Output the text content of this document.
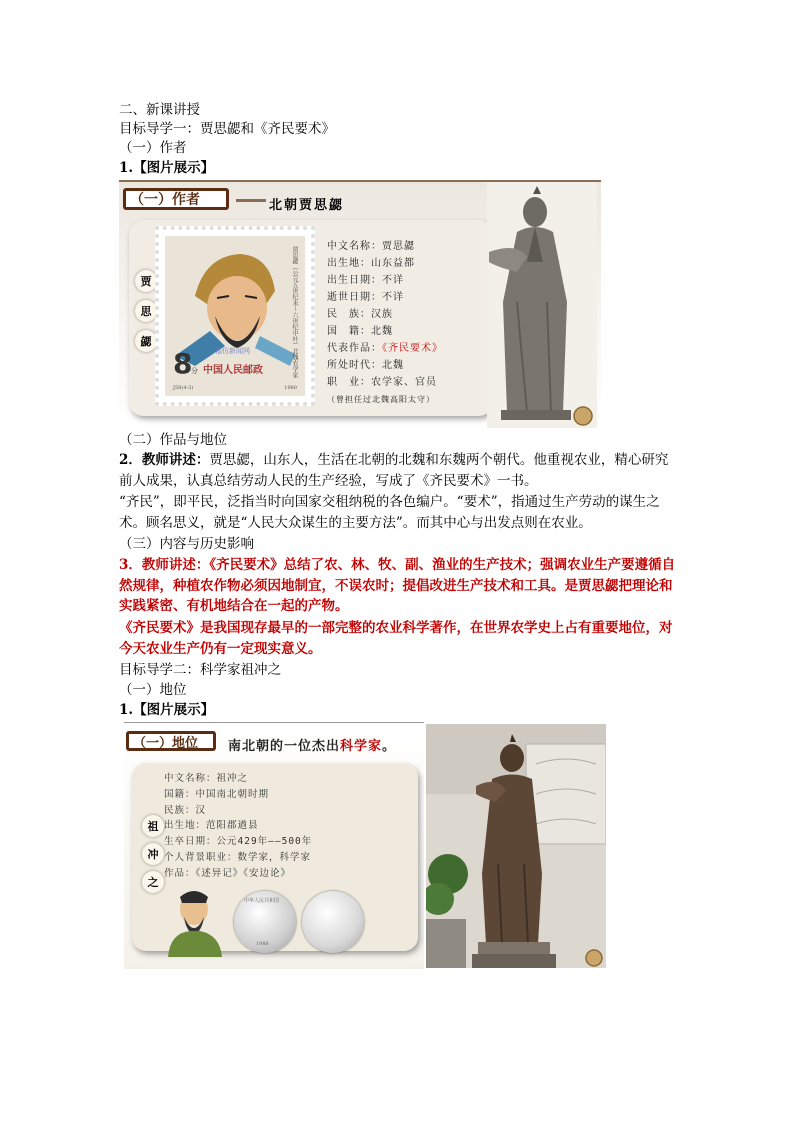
二、新课讲授
目标导学一：贾思勰和《齐民要术》
（一）作者
1.【图片展示】
（一）作者	北朝贾思勰
贾
思
勰
福仿新闻网	贾思勰（公元五世纪末～六世纪中叶）北魏农学家
8
分 中国人民邮政
J58(4-3)	1980
中文名称：贾思勰
出生地：山东益都
出生日期：不详
逝世日期：不详
民　族：汉族
国　籍：北魏
代表作品：《齐民要术》
所处时代：北魏
职　业：农学家、官员
（曾担任过北魏高阳太守）
（二）作品与地位
2．教师讲述：贾思勰，山东人，生活在北朝的北魏和东魏两个朝代。他重视农业，精心研究前人成果，认真总结劳动人民的生产经验，写成了《齐民要术》一书。
“齐民”，即平民，泛指当时向国家交租纳税的各色编户。“要术”，指通过生产劳动的谋生之术。顾名思义，就是“人民大众谋生的主要方法”。而其中心与出发点则在农业。
（三）内容与历史影响
3．教师讲述：《齐民要术》总结了农、林、牧、副、渔业的生产技术；强调农业生产要遵循自然规律，种植农作物必须因地制宜，不误农时；提倡改进生产技术和工具。是贾思勰把理论和实践紧密、有机地结合在一起的产物。
《齐民要术》是我国现存最早的一部完整的农业科学著作，在世界农学史上占有重要地位，对今天农业生产仍有一定现实意义。
目标导学二：科学家祖冲之
（一）地位
1.【图片展示】
（一）地位	南北朝的一位杰出科学家。
祖
冲
之
中文名称：祖冲之
国籍：中国南北朝时期
民族：汉
出生地：范阳郡遒县
生卒日期：公元429年——500年
个人背景职业：数学家，科学家
作品：《述异记》《安边论》
中华人民共和国
1988
